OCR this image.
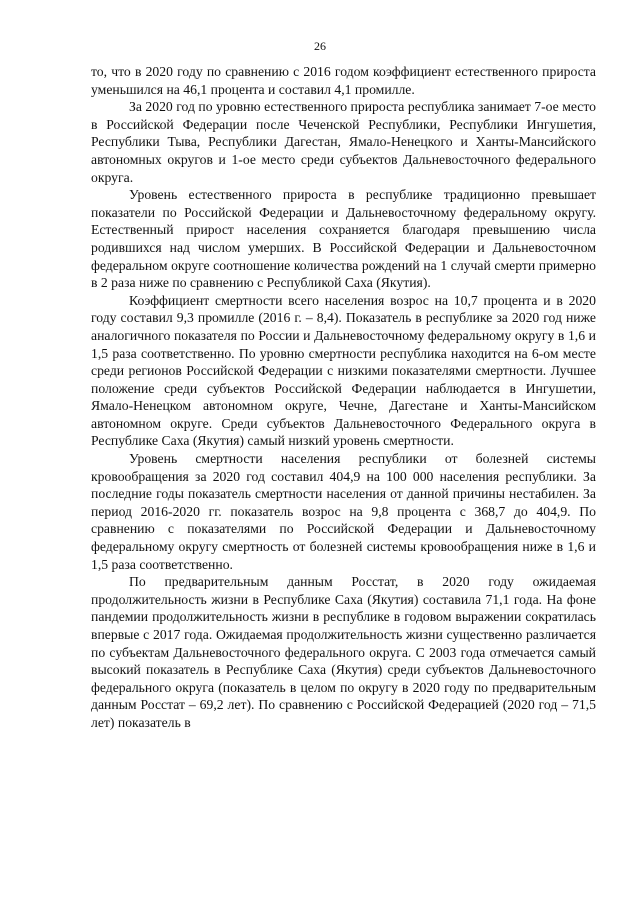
26

то, что в 2020 году по сравнению с 2016 годом коэффициент естественного прироста уменьшился на 46,1 процента и составил 4,1 промилле.

За 2020 год по уровню естественного прироста республика занимает 7-ое место в Российской Федерации после Чеченской Республики, Республики Ингушетия, Республики Тыва, Республики Дагестан, Ямало-Ненецкого и Ханты-Мансийского автономных округов и 1-ое место среди субъектов Дальневосточного федерального округа.

Уровень естественного прироста в республике традиционно превышает показатели по Российской Федерации и Дальневосточному федеральному округу. Естественный прирост населения сохраняется благодаря превышению числа родившихся над числом умерших. В Российской Федерации и Дальневосточном федеральном округе соотношение количества рождений на 1 случай смерти примерно в 2 раза ниже по сравнению с Республикой Саха (Якутия).

Коэффициент смертности всего населения возрос на 10,7 процента и в 2020 году составил 9,3 промилле (2016 г. – 8,4). Показатель в республике за 2020 год ниже аналогичного показателя по России и Дальневосточному федеральному округу в 1,6 и 1,5 раза соответственно. По уровню смертности республика находится на 6-ом месте среди регионов Российской Федерации с низкими показателями смертности. Лучшее положение среди субъектов Российской Федерации наблюдается в Ингушетии, Ямало-Ненецком автономном округе, Чечне, Дагестане и Ханты-Мансийском автономном округе. Среди субъектов Дальневосточного Федерального округа в Республике Саха (Якутия) самый низкий уровень смертности.

Уровень смертности населения республики от болезней системы кровообращения за 2020 год составил 404,9 на 100 000 населения республики. За последние годы показатель смертности населения от данной причины нестабилен. За период 2016-2020 гг. показатель возрос на 9,8 процента с 368,7 до 404,9. По сравнению с показателями по Российской Федерации и Дальневосточному федеральному округу смертность от болезней системы кровообращения ниже в 1,6 и 1,5 раза соответственно.

По предварительным данным Росстат, в 2020 году ожидаемая продолжительность жизни в Республике Саха (Якутия) составила 71,1 года. На фоне пандемии продолжительность жизни в республике в годовом выражении сократилась впервые с 2017 года. Ожидаемая продолжительность жизни существенно различается по субъектам Дальневосточного федерального округа. С 2003 года отмечается самый высокий показатель в Республике Саха (Якутия) среди субъектов Дальневосточного федерального округа (показатель в целом по округу в 2020 году по предварительным данным Росстат – 69,2 лет). По сравнению с Российской Федерацией (2020 год – 71,5 лет) показатель в
